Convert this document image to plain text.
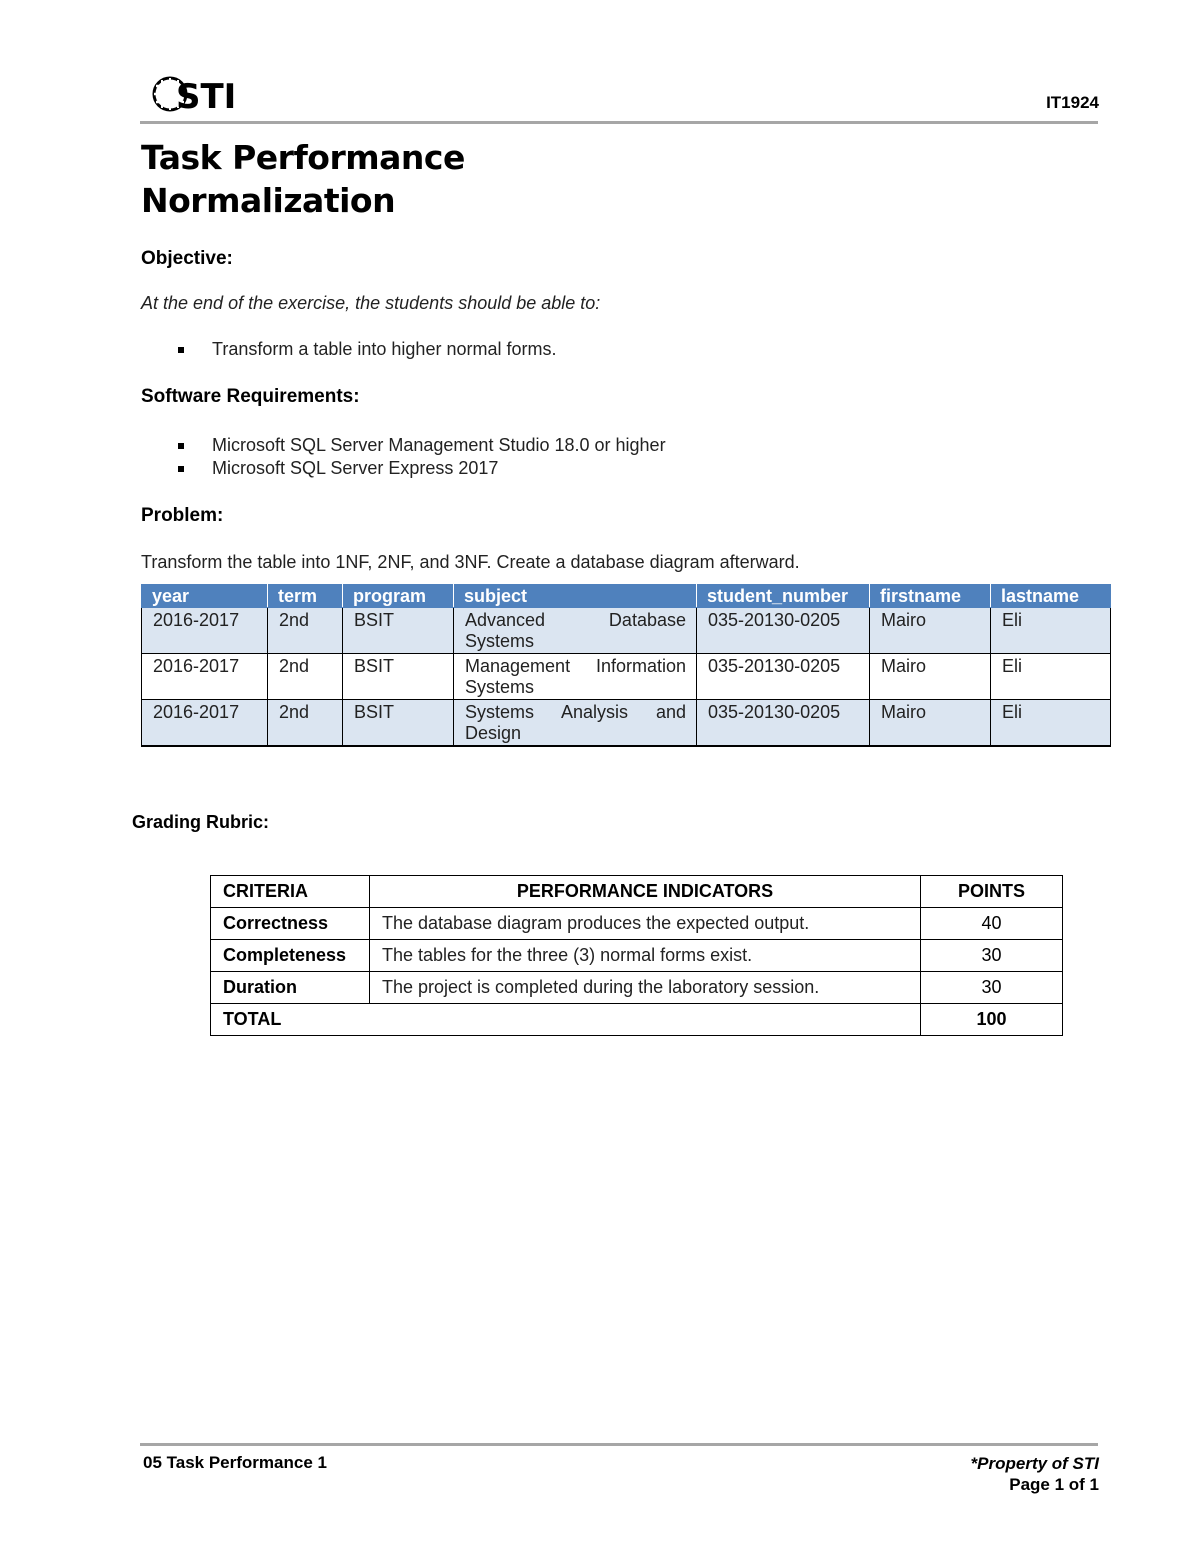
STI	IT1924
Task Performance
Normalization
Objective:
At the end of the exercise, the students should be able to:
Transform a table into higher normal forms.
Software Requirements:
Microsoft SQL Server Management Studio 18.0 or higher
Microsoft SQL Server Express 2017
Problem:
Transform the table into 1NF, 2NF, and 3NF. Create a database diagram afterward.
year	term	program	subject	student_number	firstname	lastname
2016-2017	2nd	BSIT	Advanced Database Systems	035-20130-0205	Mairo	Eli
2016-2017	2nd	BSIT	Management Information Systems	035-20130-0205	Mairo	Eli
2016-2017	2nd	BSIT	Systems Analysis and Design	035-20130-0205	Mairo	Eli
Grading Rubric:
CRITERIA	PERFORMANCE INDICATORS	POINTS
Correctness	The database diagram produces the expected output.	40
Completeness	The tables for the three (3) normal forms exist.	30
Duration	The project is completed during the laboratory session.	30
TOTAL		100
05 Task Performance 1	*Property of STI
Page 1 of 1
